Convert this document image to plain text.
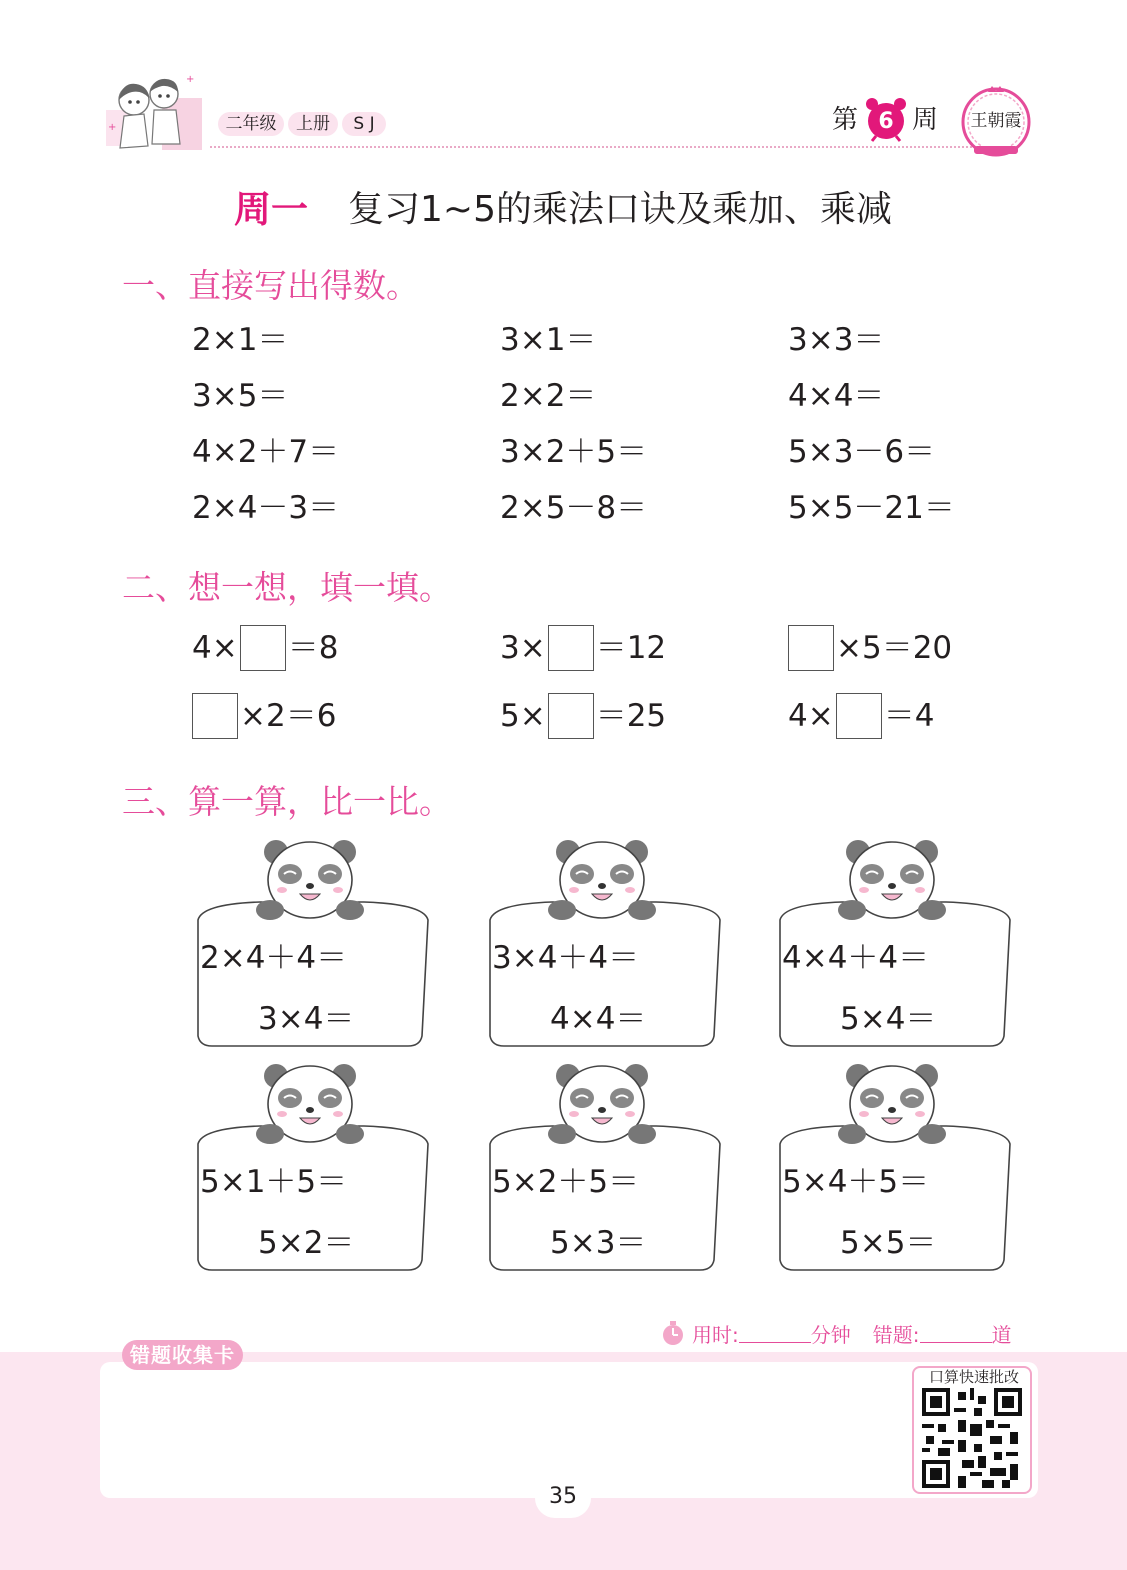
+
+	二年级	上册	S J	第 6 周 王朝霞
周一 复习1~5的乘法口诀及乘加、乘减
一、直接写出得数。
2×1＝	3×1＝	3×3＝
3×5＝	2×2＝	4×4＝
4×2＋7＝	3×2＋5＝	5×3－6＝
2×4－3＝	2×5－8＝	5×5－21＝
二、想一想，填一填。
4× ＝8	3× ＝12	×5＝20
×2＝6	5× ＝25	4× ＝4
三、算一算，比一比。
2×4＋4＝
3×4＝
3×4＋4＝
4×4＝
4×4＋4＝
5×4＝
5×1＋5＝
5×2＝
5×2＋5＝
5×3＝
5×4＋5＝
5×5＝
用时:	分钟 错题:	道
错题收集卡
口算快速批改
35
